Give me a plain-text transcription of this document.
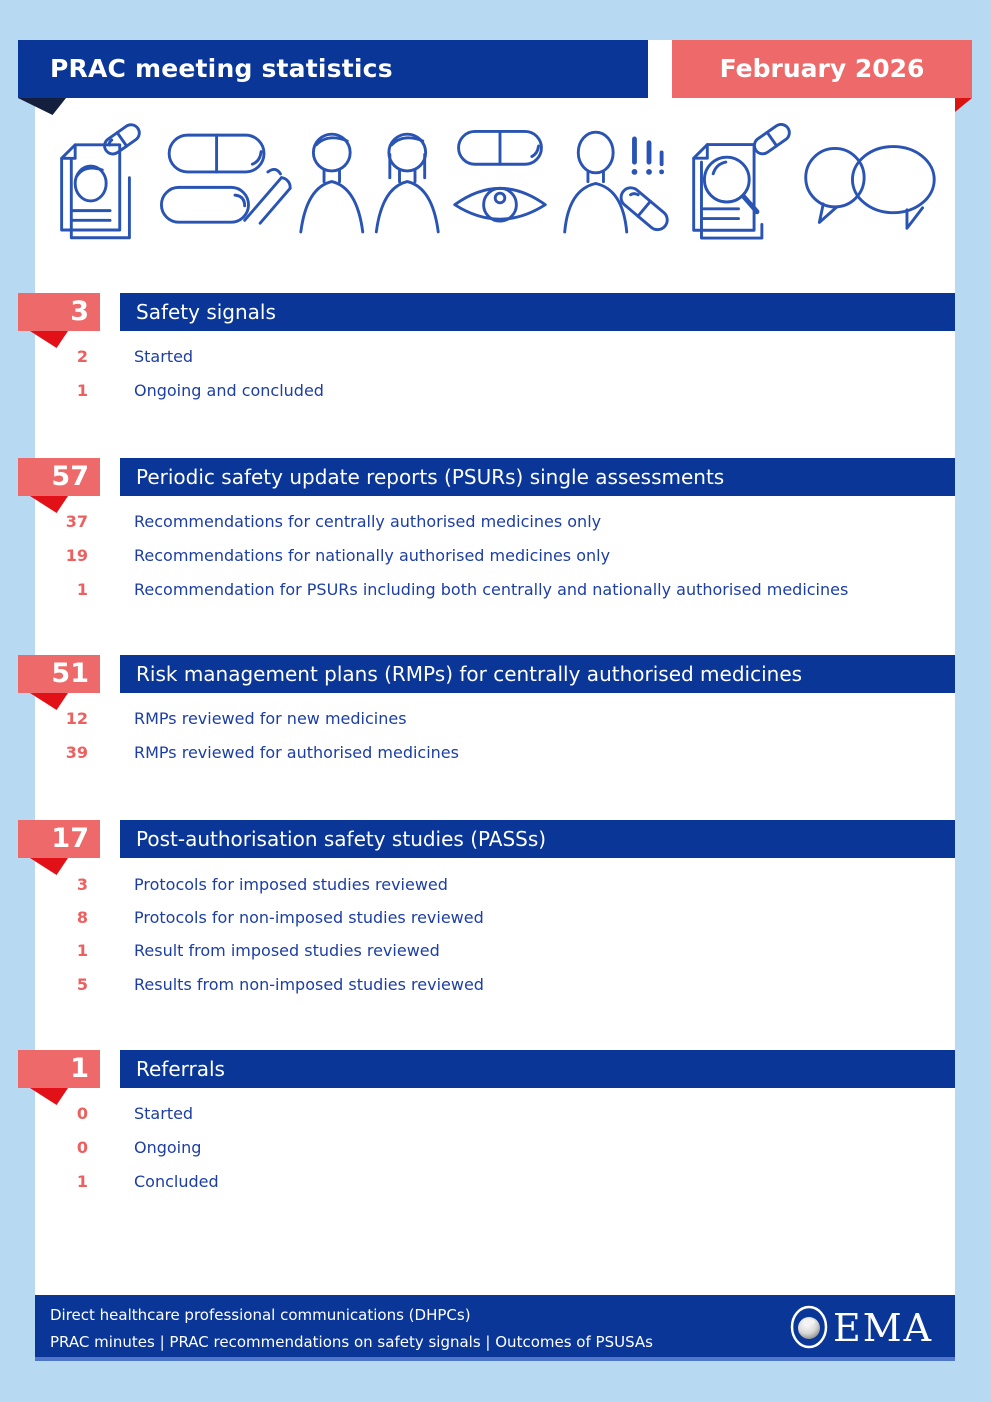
PRAC meeting statistics	February 2026
3	Safety signals
2	Started
1	Ongoing and concluded
57	Periodic safety update reports (PSURs) single assessments
37	Recommendations for centrally authorised medicines only
19	Recommendations for nationally authorised medicines only
1	Recommendation for PSURs including both centrally and nationally authorised medicines
51	Risk management plans (RMPs) for centrally authorised medicines
12	RMPs reviewed for new medicines
39	RMPs reviewed for authorised medicines
17	Post-authorisation safety studies (PASSs)
3	Protocols for imposed studies reviewed
8	Protocols for non-imposed studies reviewed
1	Result from imposed studies reviewed
5	Results from non-imposed studies reviewed
1	Referrals
0	Started
0	Ongoing
1	Concluded
Direct healthcare professional communications (DHPCs)
PRAC minutes | PRAC recommendations on safety signals | Outcomes of PSUSAs	EMA
